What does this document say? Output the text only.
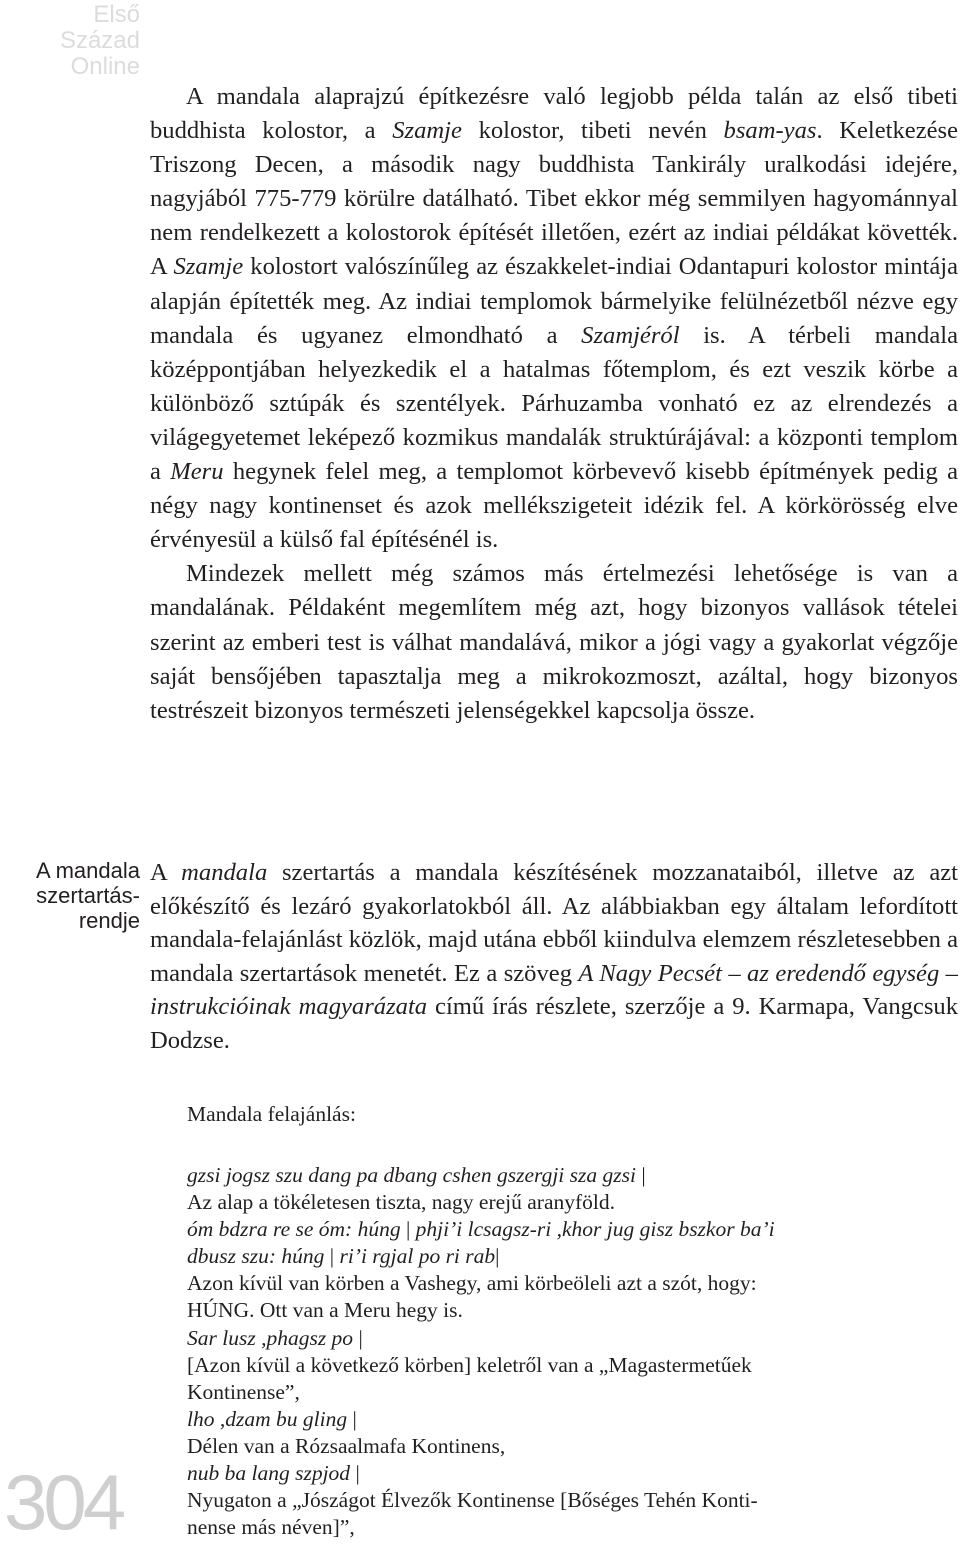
Első
Század
Online

A mandala alaprajzú építkezésre való legjobb példa talán az első tibeti buddhista kolostor, a Szamje kolostor, tibeti nevén bsam-yas. Keletkezése Triszong Decen, a második nagy buddhista Tankirály uralkodási idejére, nagyjából 775-779 körülre datálható. Tibet ekkor még semmilyen hagyománnyal nem rendelkezett a kolostorok építését illetően, ezért az indiai példákat követték. A Szamje kolostort valószínűleg az északkelet-indiai Odantapuri kolostor mintája alapján építették meg. Az indiai templomok bármelyike felülnézetből nézve egy mandala és ugyanez elmondható a Szamjéról is. A térbeli mandala középpontjában helyezkedik el a hatalmas főtemplom, és ezt veszik körbe a különböző sztúpák és szentélyek. Párhuzamba vonható ez az elrendezés a világegyetemet leképező kozmikus mandalák struktúrájával: a központi templom a Meru hegynek felel meg, a templomot körbevevő kisebb építmények pedig a négy nagy kontinenset és azok mellékszigeteit idézik fel. A körkörösség elve érvényesül a külső fal építésénél is.

Mindezek mellett még számos más értelmezési lehetősége is van a mandalának. Példaként megemlítem még azt, hogy bizonyos vallások tételei szerint az emberi test is válhat mandalává, mikor a jógi vagy a gyakorlat végzője saját bensőjében tapasztalja meg a mikrokozmoszt, azáltal, hogy bizonyos testrészeit bizonyos természeti jelenségekkel kapcsolja össze.

A mandala
szertartás-
rendje

A mandala szertartás a mandala készítésének mozzanataiból, illetve az azt előkészítő és lezáró gyakorlatokból áll. Az alábbiakban egy általam lefordított mandala-felajánlást közlök, majd utána ebből kiindulva elemzem részletesebben a mandala szertartások menetét. Ez a szöveg A Nagy Pecsét – az eredendő egység – instrukcióinak magyarázata című írás részlete, szerzője a 9. Karmapa, Vangcsuk Dodzse.

Mandala felajánlás:
gzsi jogsz szu dang pa dbang cshen gszergji sza gzsi |
Az alap a tökéletesen tiszta, nagy erejű aranyföld.
óm bdzra re se óm: húng | phji’i lcsagsz-ri ,khor jug gisz bszkor ba’i
dbusz szu: húng | ri’i rgjal po ri rab|
Azon kívül van körben a Vashegy, ami körbeöleli azt a szót, hogy:
HÚNG. Ott van a Meru hegy is.
Sar lusz ,phagsz po |
[Azon kívül a következő körben] keletről van a „Magastermetűek
Kontinense”,
lho ,dzam bu gling |
Délen van a Rózsaalmafa Kontinens,
nub ba lang szpjod |
Nyugaton a „Jószágot Élvezők Kontinense [Bőséges Tehén Konti-
nense más néven]”,
304
